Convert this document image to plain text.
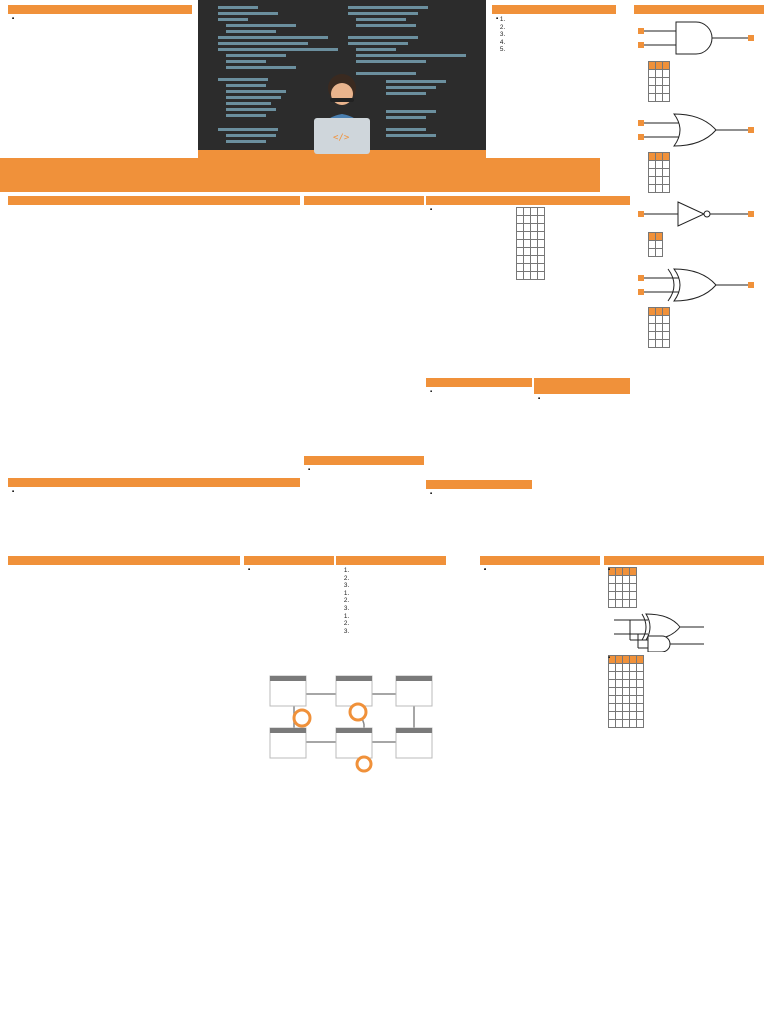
</>
1.
2.
3.
4.
5.

1.
2.
3.
1.
2.
3.
1.
2.
3.
